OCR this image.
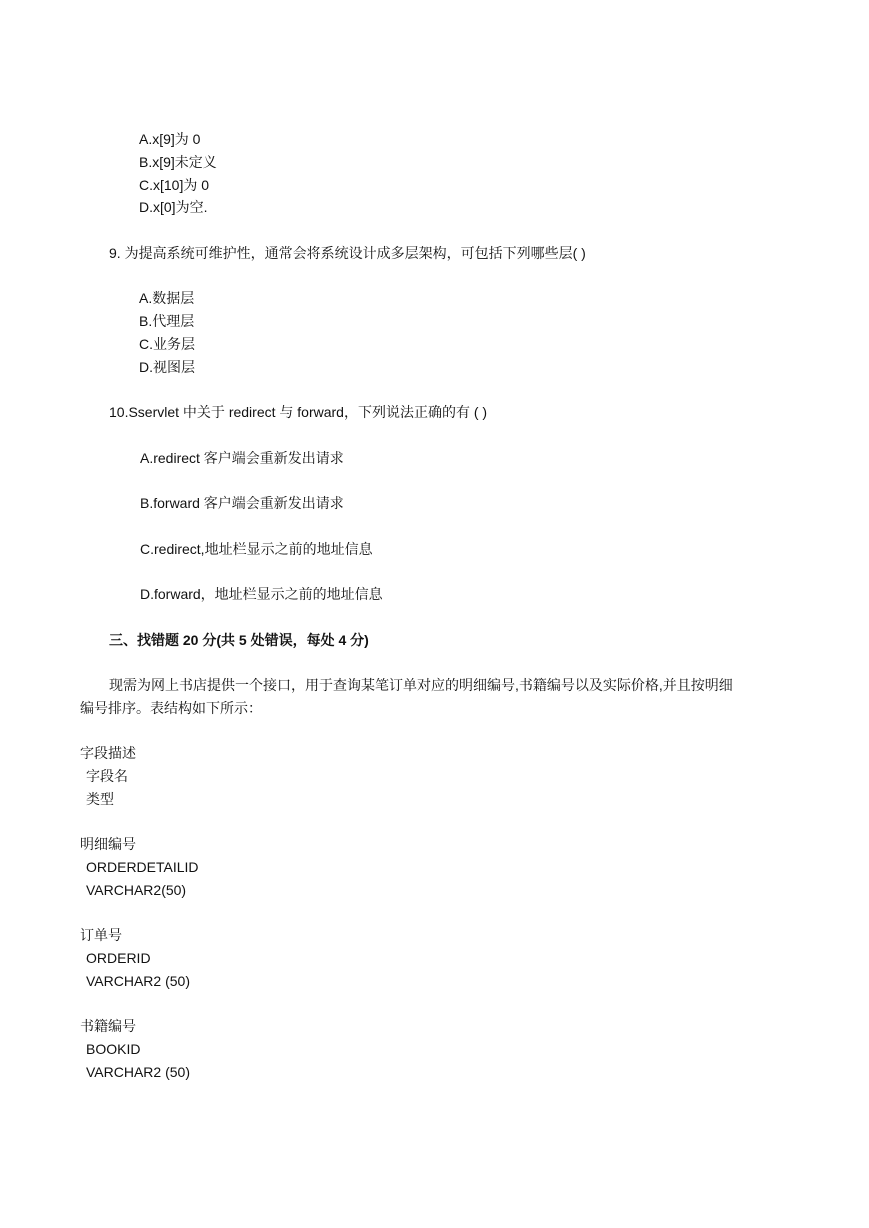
A.x[9]为 0
B.x[9]未定义
C.x[10]为 0
D.x[0]为空.
9. 为提高系统可维护性，通常会将系统设计成多层架构，可包括下列哪些层( )
A.数据层
B.代理层
C.业务层
D.视图层
10.Sservlet 中关于 redirect 与 forward，下列说法正确的有 ( )
A.redirect 客户端会重新发出请求
B.forward 客户端会重新发出请求
C.redirect,地址栏显示之前的地址信息
D.forward，地址栏显示之前的地址信息
三、找错题 20 分(共 5 处错误，每处 4 分)
现需为网上书店提供一个接口，用于查询某笔订单对应的明细编号,书籍编号以及实际价格,并且按明细
编号排序。表结构如下所示：
字段描述
字段名
类型
明细编号
ORDERDETAILID
VARCHAR2(50)
订单号
ORDERID
VARCHAR2 (50)
书籍编号
BOOKID
VARCHAR2 (50)
